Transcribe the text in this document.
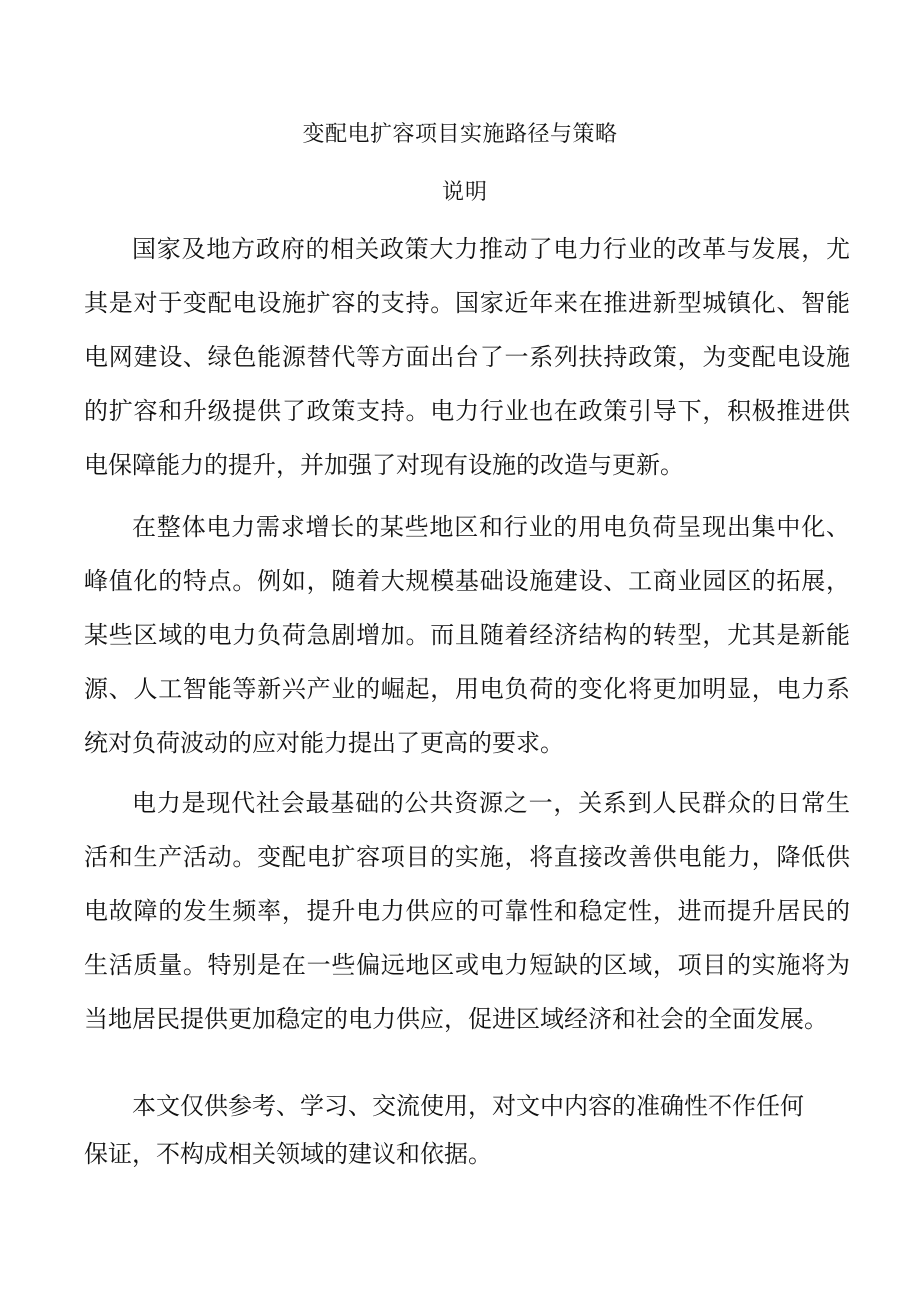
变配电扩容项目实施路径与策略
说明

国家及地方政府的相关政策大力推动了电力行业的改革与发展，尤其是对于变配电设施扩容的支持。国家近年来在推进新型城镇化、智能电网建设、绿色能源替代等方面出台了一系列扶持政策，为变配电设施的扩容和升级提供了政策支持。电力行业也在政策引导下，积极推进供电保障能力的提升，并加强了对现有设施的改造与更新。

在整体电力需求增长的某些地区和行业的用电负荷呈现出集中化、峰值化的特点。例如，随着大规模基础设施建设、工商业园区的拓展，某些区域的电力负荷急剧增加。而且随着经济结构的转型，尤其是新能源、人工智能等新兴产业的崛起，用电负荷的变化将更加明显，电力系统对负荷波动的应对能力提出了更高的要求。

电力是现代社会最基础的公共资源之一，关系到人民群众的日常生活和生产活动。变配电扩容项目的实施，将直接改善供电能力，降低供电故障的发生频率，提升电力供应的可靠性和稳定性，进而提升居民的生活质量。特别是在一些偏远地区或电力短缺的区域，项目的实施将为当地居民提供更加稳定的电力供应，促进区域经济和社会的全面发展。

本文仅供参考、学习、交流使用，对文中内容的准确性不作任何保证，不构成相关领域的建议和依据。
